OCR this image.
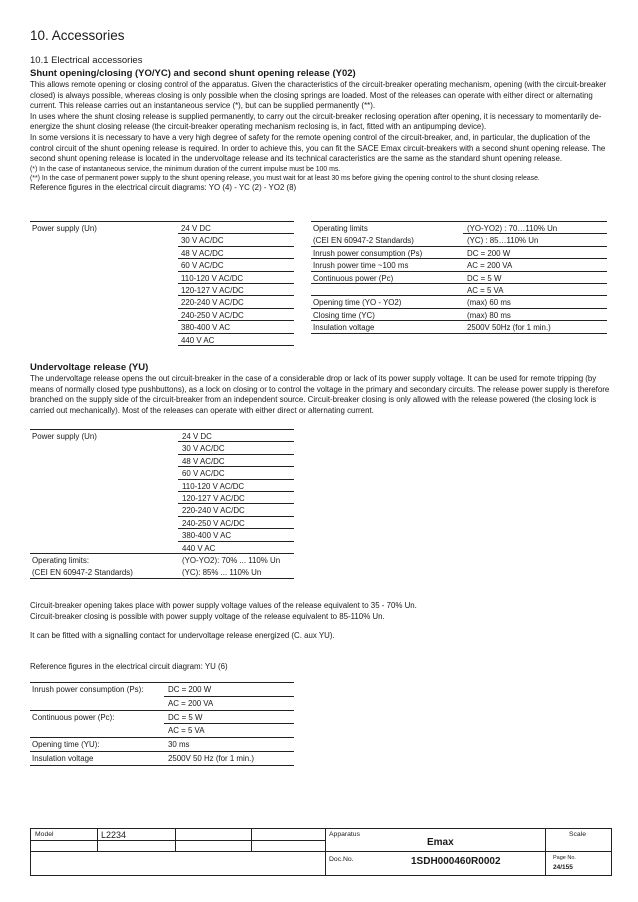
10. Accessories
10.1 Electrical accessories
Shunt opening/closing (YO/YC) and second shunt opening release (Y02)

This allows remote opening or closing control of the apparatus. Given the characteristics of the circuit-breaker operating mechanism, opening (with the circuit-breaker closed) is always possible, whereas closing is only possible when the closing springs are loaded. Most of the releases can operate with either direct or alternating current. This release carries out an instantaneous service (*), but can be supplied permanently (**).

In uses where the shunt closing release is supplied permanently, to carry out the circuit-breaker reclosing operation after opening, it is necessary to momentarily de-energize the shunt closing release (the circuit-breaker operating mechanism reclosing is, in fact, fitted with an antipumping device).

In some versions it is necessary to have a very high degree of safety for the remote opening control of the circuit-breaker, and, in particular, the duplication of the control circuit of the shunt opening release is required. In order to achieve this, you can fit the SACE Emax circuit-breakers with a second shunt opening release. The second shunt opening release is located in the undervoltage release and its technical caracteristics are the same as the standard shunt opening release.

(*) In the case of instantaneous service, the minimum duration of the current impulse must be 100 ms.

(**) In the case of permanent power supply to the shunt opening release, you must wait for at least 30 ms before giving the opening control to the shunt closing release.

Reference figures in the electrical circuit diagrams: YO (4) - YC (2) - YO2 (8)

Power supply (Un)	24 V DC
30 V AC/DC
48 V AC/DC
60 V AC/DC
110-120 V AC/DC
120-127 V AC/DC
220-240 V AC/DC
240-250 V AC/DC
380-400 V AC
440 V AC
Operating limits	(YO-YO2) : 70…110% Un
(CEI EN 60947-2 Standards)	(YC) : 85…110% Un
Inrush power consumption (Ps)	DC = 200 W
Inrush power time ~100 ms	AC = 200 VA
Continuous power (Pc)	DC = 5 W
AC = 5 VA
Opening time (YO - YO2)	(max) 60 ms
Closing time (YC)	(max) 80 ms
Insulation voltage	2500V 50Hz (for 1 min.)
Undervoltage release (YU)
The undervoltage release opens the out circuit-breaker in the case of a considerable drop or lack of its power supply voltage. It can be used for remote tripping (by means of normally closed type pushbuttons), as a lock on closing or to control the voltage in the primary and secondary circuits. The release power supply is therefore branched on the supply side of the circuit-breaker from an independent source. Circuit-breaker closing is only allowed with the release powered (the closing lock is carried out mechanically). Most of the releases can operate with either direct or alternating current.
Power supply (Un)	24 V DC
30 V AC/DC
48 V AC/DC
60 V AC/DC
110-120 V AC/DC
120-127 V AC/DC
220-240 V AC/DC
240-250 V AC/DC
380-400 V AC
440 V AC
Operating limits:	(YO-YO2): 70% ... 110% Un
(CEI EN 60947-2 Standards)	(YC): 85% ... 110% Un
Circuit-breaker opening takes place with power supply voltage values of the release equivalent to 35 - 70% Un.
Circuit-breaker closing is possible with power supply voltage of the release equivalent to 85-110% Un.
It can be fitted with a signalling contact for undervoltage release energized (C. aux YU).
Reference figures in the electrical circuit diagram: YU (6)
Inrush power consumption (Ps):	DC = 200 W
AC = 200 VA
Continuous power (Pc):	DC = 5 W
AC = 5 VA
Opening time (YU):	30 ms
Insulation voltage	2500V 50 Hz (for 1 min.)
Model	L2234	Apparatus
Emax
Scale
Doc.No.	1SDH000460R0002	Page No.
24/155
